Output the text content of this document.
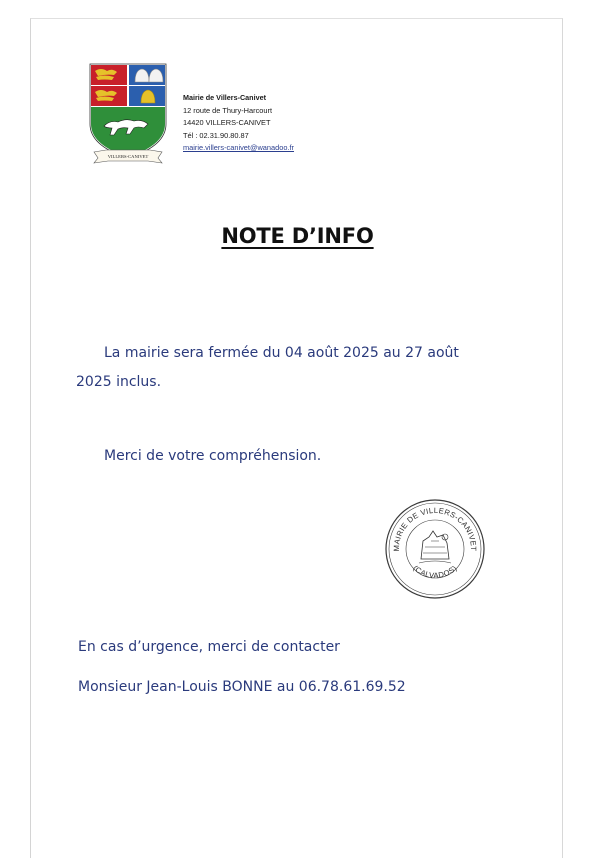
VILLERS-CANIVET
Mairie de Villers-Canivet
12 route de Thury-Harcourt
14420 VILLERS-CANIVET
Tél : 02.31.90.80.87
mairie.villers-canivet@wanadoo.fr
NOTE D’INFO
La mairie sera fermée du 04 août 2025 au 27 août
2025 inclus.
Merci de votre compréhension.
MAIRIE DE VILLERS-CANIVET
(CALVADOS)
En cas d’urgence, merci de contacter
Monsieur Jean-Louis BONNE au 06.78.61.69.52
